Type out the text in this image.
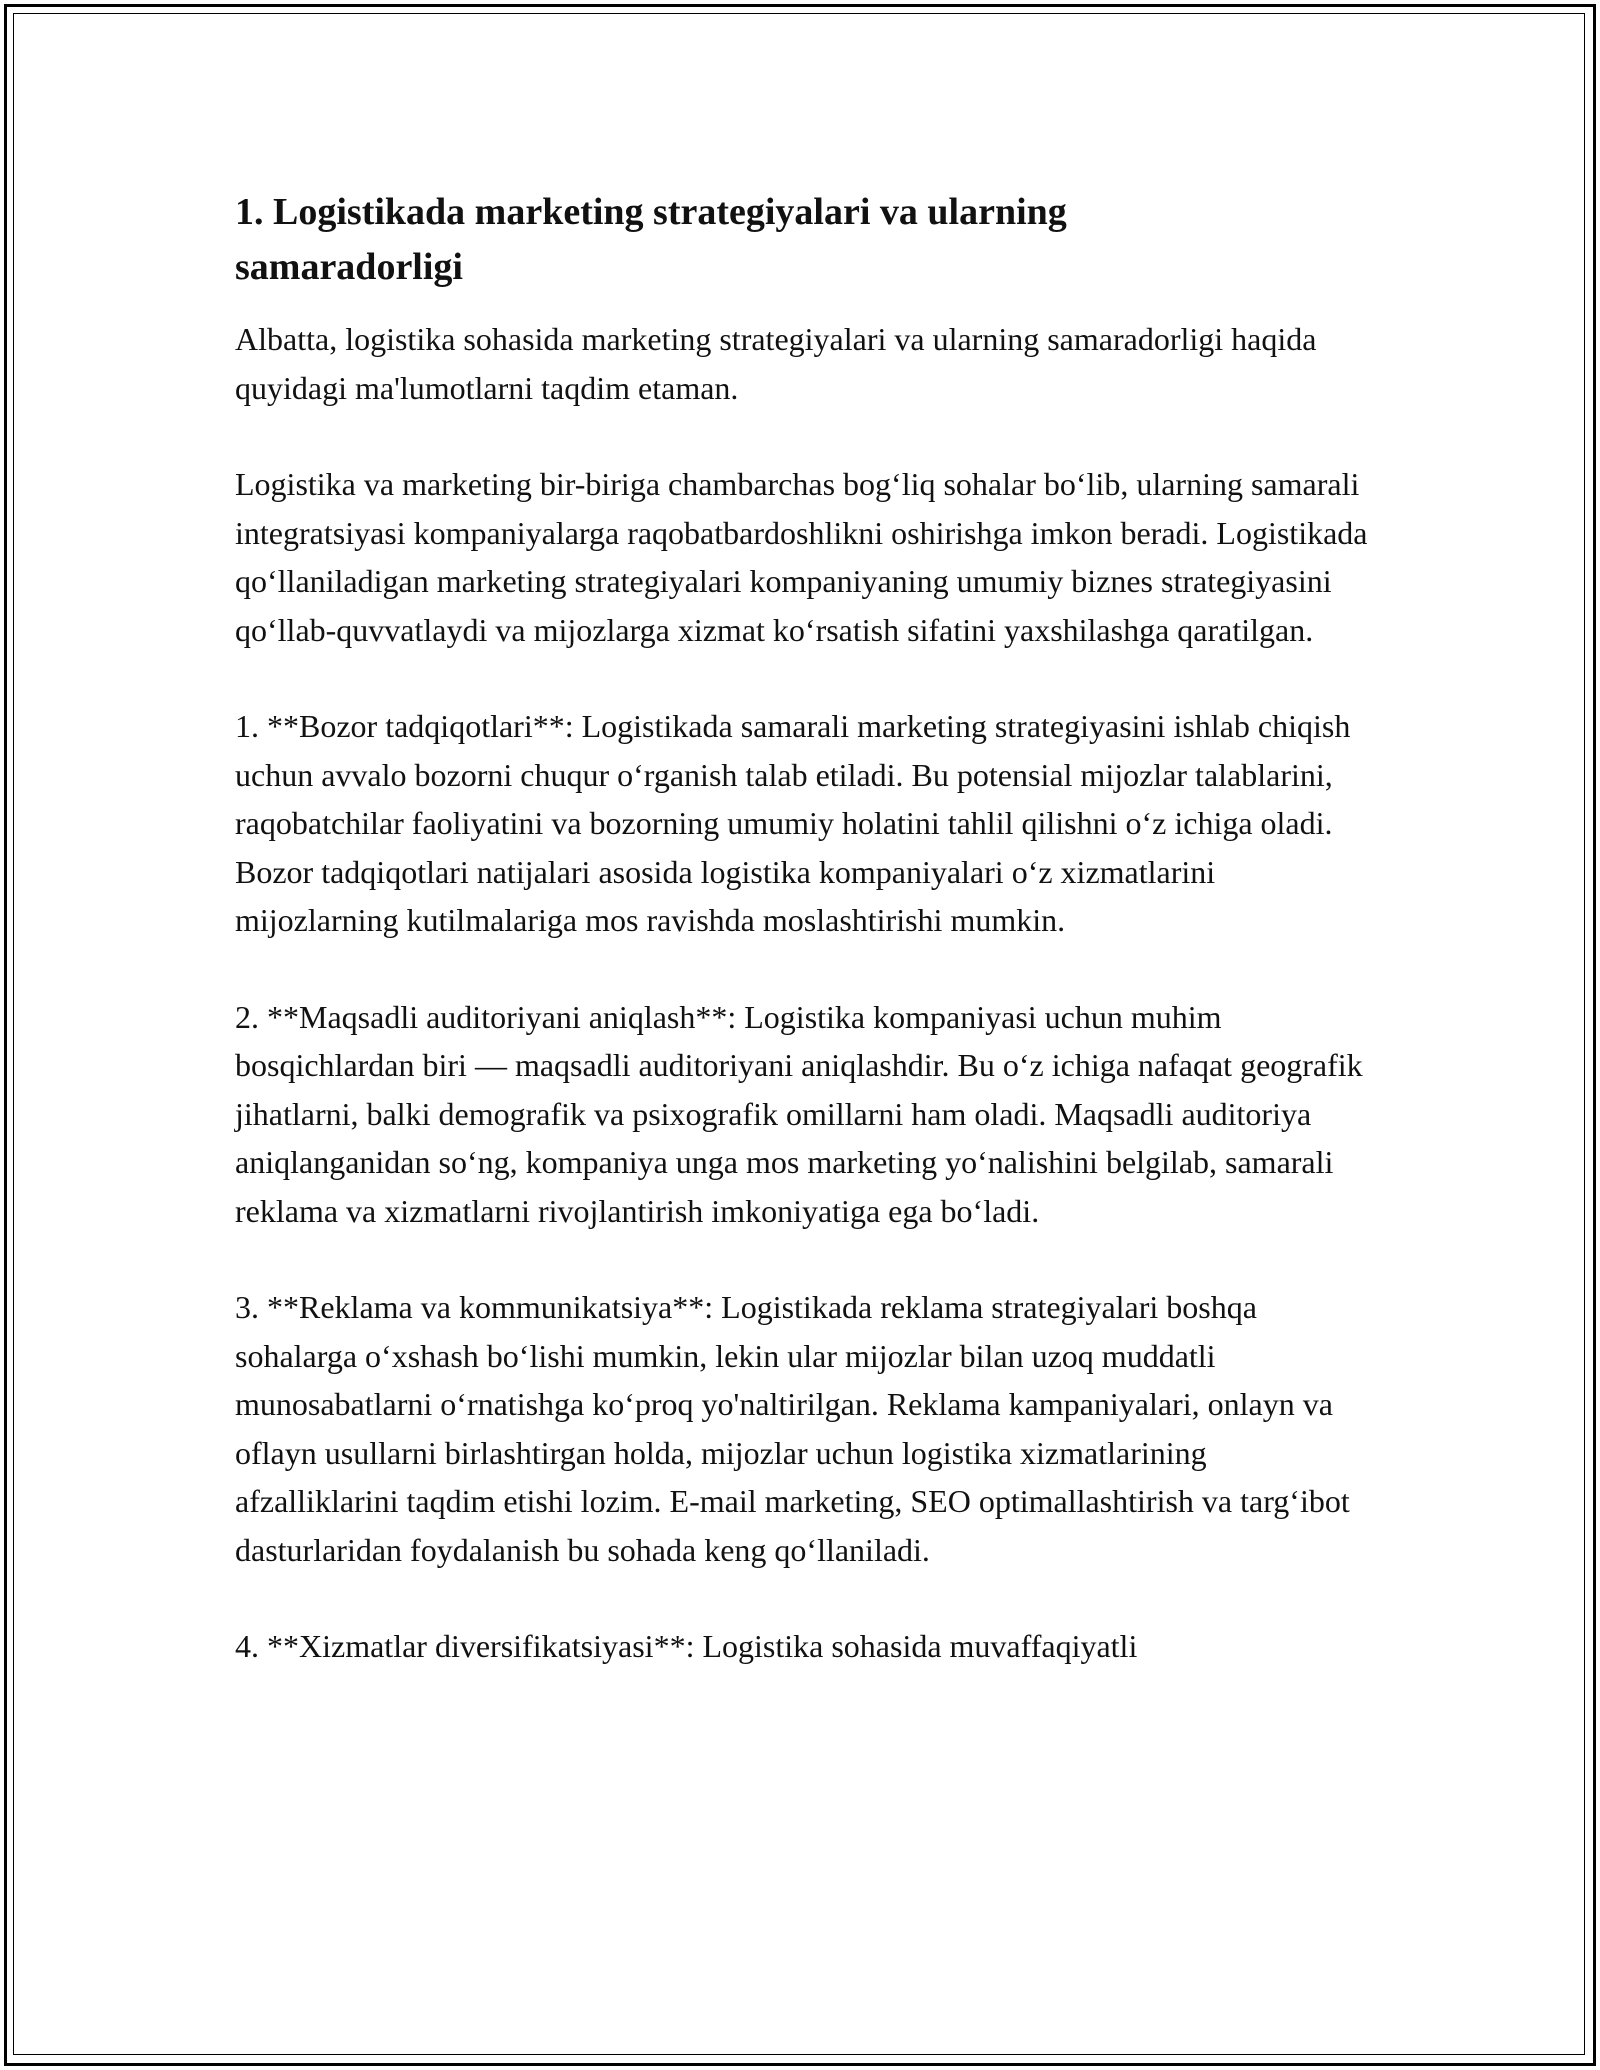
1. Logistikada marketing strategiyalari va ularning samaradorligi

Albatta, logistika sohasida marketing strategiyalari va ularning samaradorligi haqida quyidagi ma'lumotlarni taqdim etaman.

Logistika va marketing bir-biriga chambarchas bog‘liq sohalar bo‘lib, ularning samarali integratsiyasi kompaniyalarga raqobatbardoshlikni oshirishga imkon beradi. Logistikada qo‘llaniladigan marketing strategiyalari kompaniyaning umumiy biznes strategiyasini qo‘llab-quvvatlaydi va mijozlarga xizmat ko‘rsatish sifatini yaxshilashga qaratilgan.

1. **Bozor tadqiqotlari**: Logistikada samarali marketing strategiyasini ishlab chiqish uchun avvalo bozorni chuqur o‘rganish talab etiladi. Bu potensial mijozlar talablarini, raqobatchilar faoliyatini va bozorning umumiy holatini tahlil qilishni o‘z ichiga oladi. Bozor tadqiqotlari natijalari asosida logistika kompaniyalari o‘z xizmatlarini mijozlarning kutilmalariga mos ravishda moslashtirishi mumkin.

2. **Maqsadli auditoriyani aniqlash**: Logistika kompaniyasi uchun muhim bosqichlardan biri — maqsadli auditoriyani aniqlashdir. Bu o‘z ichiga nafaqat geografik jihatlarni, balki demografik va psixografik omillarni ham oladi. Maqsadli auditoriya aniqlanganidan so‘ng, kompaniya unga mos marketing yo‘nalishini belgilab, samarali reklama va xizmatlarni rivojlantirish imkoniyatiga ega bo‘ladi.

3. **Reklama va kommunikatsiya**: Logistikada reklama strategiyalari boshqa sohalarga o‘xshash bo‘lishi mumkin, lekin ular mijozlar bilan uzoq muddatli munosabatlarni o‘rnatishga ko‘proq yo'naltirilgan. Reklama kampaniyalari, onlayn va oflayn usullarni birlashtirgan holda, mijozlar uchun logistika xizmatlarining afzalliklarini taqdim etishi lozim. E-mail marketing, SEO optimallashtirish va targ‘ibot dasturlaridan foydalanish bu sohada keng qo‘llaniladi.

4. **Xizmatlar diversifikatsiyasi**: Logistika sohasida muvaffaqiyatli
